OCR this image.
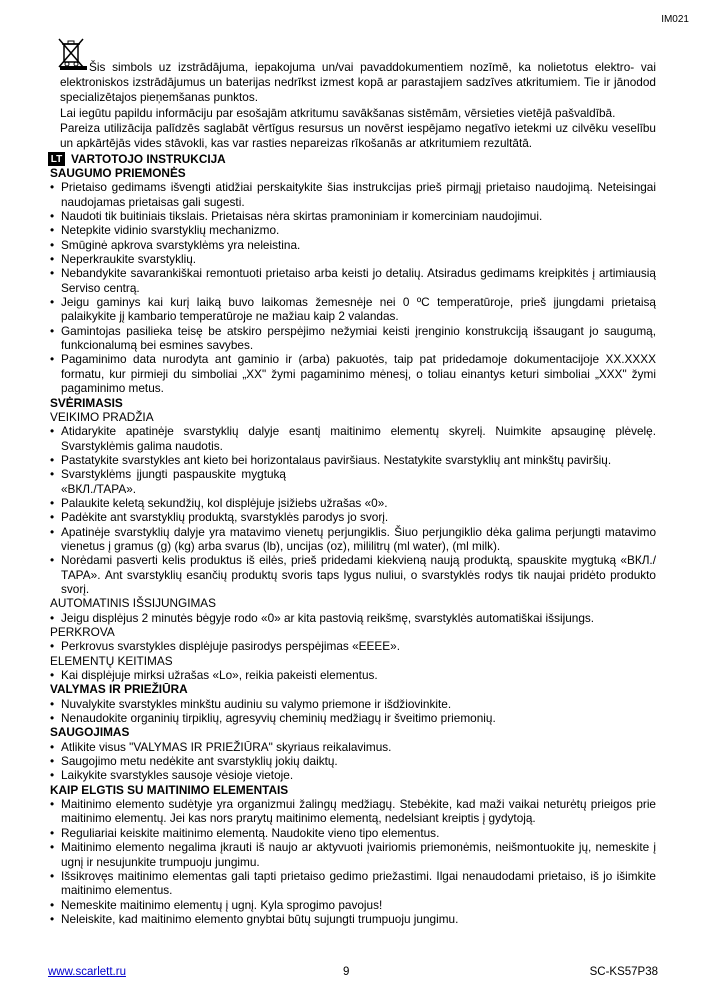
IM021

Šis simbols uz izstrādājuma, iepakojuma un/vai pavaddokumentiem nozīmē, ka nolietotus elektro- vai elektroniskos izstrādājumus un baterijas nedrīkst izmest kopā ar parastajiem sadzīves atkritumiem. Tie ir jānodod specializētajos pieņemšanas punktos.

Lai iegūtu papildu informāciju par esošajām atkritumu savākšanas sistēmām, vērsieties vietējā pašvaldībā.

Pareiza utilizācija palīdzēs saglabāt vērtīgus resursus un novērst iespējamo negatīvo ietekmi uz cilvēku veselību un apkārtējās vides stāvokli, kas var rasties nepareizas rīkošanās ar atkritumiem rezultātā.

LT VARTOTOJO INSTRUKCIJA
SAUGUMO PRIEMONĖS
• Prietaiso gedimams išvengti atidžiai perskaitykite šias instrukcijas prieš pirmąjį prietaiso naudojimą. Neteisingai naudojamas prietaisas gali sugesti.
• Naudoti tik buitiniais tikslais. Prietaisas nėra skirtas pramoniniam ir komerciniam naudojimui.
• Netepkite vidinio svarstyklių mechanizmo.
• Smūginė apkrova svarstyklėms yra neleistina.
• Neperkraukite svarstyklių.
• Nebandykite savarankiškai remontuoti prietaiso arba keisti jo detalių. Atsiradus gedimams kreipkitės į artimiausią Serviso centrą.
• Jeigu gaminys kai kurį laiką buvo laikomas žemesnėje nei 0 ºC temperatūroje, prieš įjungdami prietaisą palaikykite jį kambario temperatūroje ne mažiau kaip 2 valandas.
• Gamintojas pasilieka teisę be atskiro perspėjimo nežymiai keisti įrenginio konstrukciją išsaugant jo saugumą, funkcionalumą bei esmines savybes.
• Pagaminimo data nurodyta ant gaminio ir (arba) pakuotės, taip pat pridedamoje dokumentacijoje XX.XXXX formatu, kur pirmieji du simboliai „XX" žymi pagaminimo mėnesį, o toliau einantys keturi simboliai „XXX" žymi pagaminimo metus.
SVĖRIMASIS
VEIKIMO PRADŽIA
• Atidarykite apatinėje svarstyklių dalyje esantį maitinimo elementų skyrelį. Nuimkite apsauginę plėvelę. Svarstyklėmis galima naudotis.
• Pastatykite svarstykles ant kieto bei horizontalaus paviršiaus. Nestatykite svarstyklių ant minkštų paviršių.
• Svarstyklėms įjungti paspauskite mygtuką «ВКЛ./ТАРА».
• Palaukite keletą sekundžių, kol displėjuje įsižiebs užrašas «0».
• Padėkite ant svarstyklių produktą, svarstyklės parodys jo svorį.
• Apatinėje svarstyklių dalyje yra matavimo vienetų perjungiklis. Šiuo perjungiklio dėka galima perjungti matavimo vienetus į gramus (g) (kg) arba svarus (lb), uncijas (oz), mililitrų (ml water), (ml milk).
• Norėdami pasverti kelis produktus iš eilės, prieš pridedami kiekvieną naują produktą, spauskite mygtuką «ВКЛ./ТАРА». Ant svarstyklių esančių produktų svoris taps lygus nuliui, o svarstyklės rodys tik naujai pridėto produkto svorį.
AUTOMATINIS IŠSIJUNGIMAS
• Jeigu displėjus 2 minutės bėgyje rodo «0» ar kita pastovią reikšmę, svarstyklės automatiškai išsijungs.
PERKROVA
• Perkrovus svarstykles displėjuje pasirodys perspėjimas «EEEE».
ELEMENTŲ KEITIMAS
• Kai displėjuje mirksi užrašas «Lo», reikia pakeisti elementus.
VALYMAS IR PRIEŽIŪRA
• Nuvalykite svarstykles minkštu audiniu su valymo priemone ir išdžiovinkite.
• Nenaudokite organinių tirpiklių, agresyvių cheminių medžiagų ir šveitimo priemonių.
SAUGOJIMAS
• Atlikite visus "VALYMAS IR PRIEŽIŪRA" skyriaus reikalavimus.
• Saugojimo metu nedėkite ant svarstyklių jokių daiktų.
• Laikykite svarstykles sausoje vėsioje vietoje.
KAIP ELGTIS SU MAITINIMO ELEMENTAIS
• Maitinimo elemento sudėtyje yra organizmui žalingų medžiagų. Stebėkite, kad maži vaikai neturėtų prieigos prie maitinimo elementų. Jei kas nors prarytų maitinimo elementą, nedelsiant kreiptis į gydytoją.
• Reguliariai keiskite maitinimo elementą. Naudokite vieno tipo elementus.
• Maitinimo elemento negalima įkrauti iš naujo ar aktyvuoti įvairiomis priemonėmis, neišmontuokite jų, nemeskite į ugnį ir nesujunkite trumpuoju jungimu.
• Išsikrovęs maitinimo elementas gali tapti prietaiso gedimo priežastimi. Ilgai nenaudodami prietaiso, iš jo išimkite maitinimo elementus.
• Nemeskite maitinimo elementų į ugnį. Kyla sprogimo pavojus!
• Neleiskite, kad maitinimo elemento gnybtai būtų sujungti trumpuoju jungimu.
www.scarlett.ru	9	SC-KS57P38
